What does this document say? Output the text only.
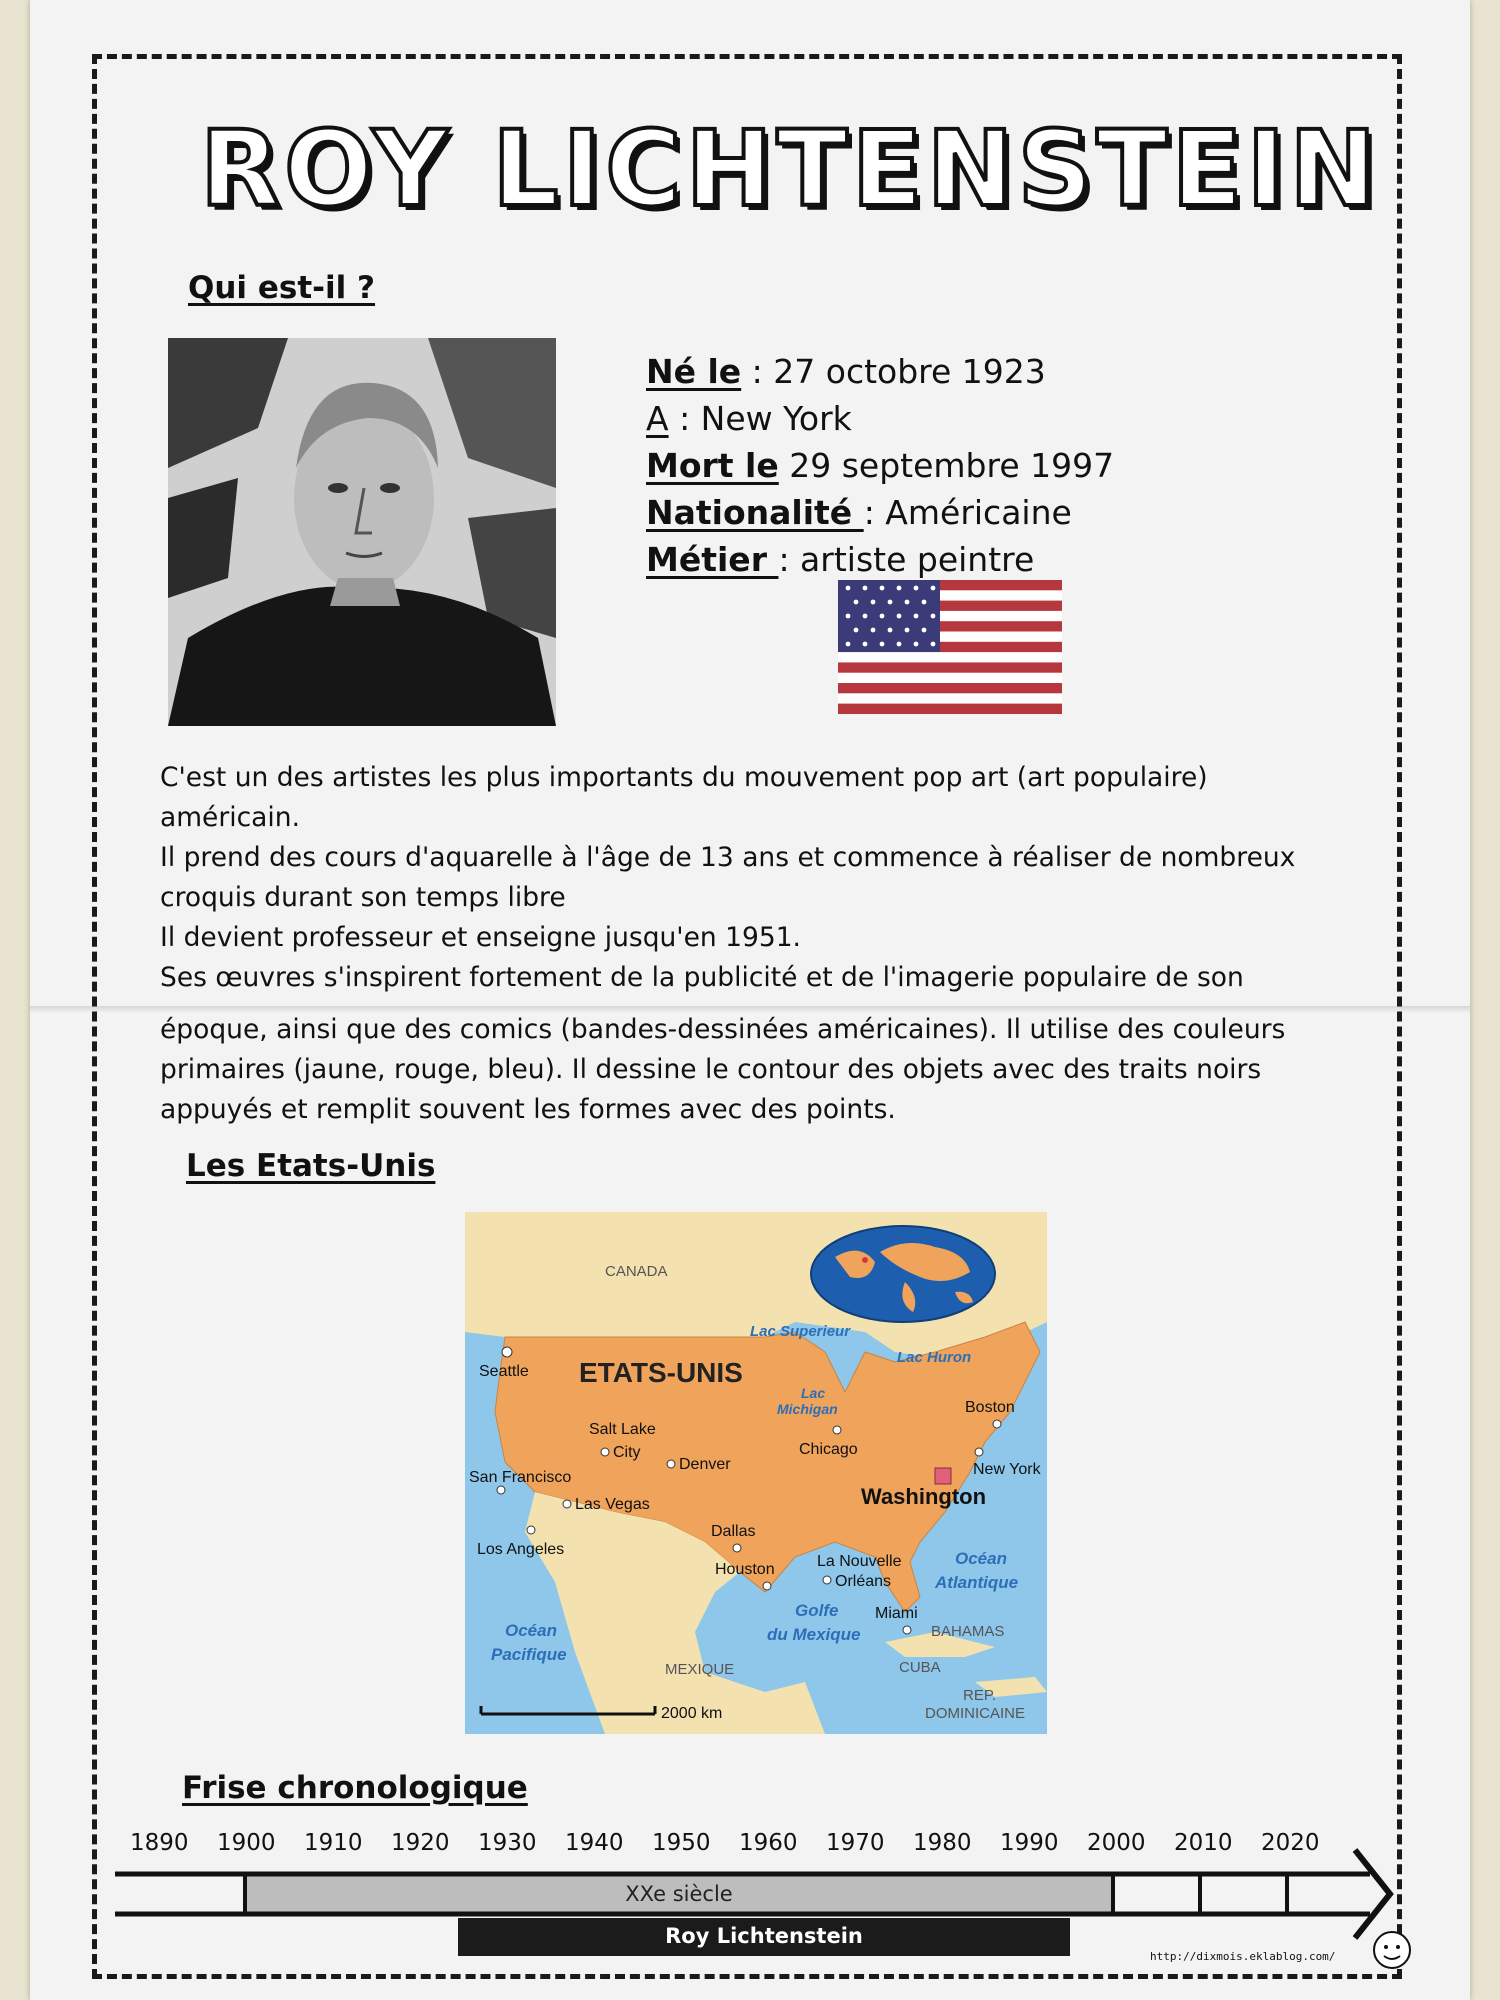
ROY LICHTENSTEIN
Qui est-il ?
Né le : 27 octobre 1923
A : New York
Mort le 29 septembre 1997
Nationalité : Américaine
Métier : artiste peintre
C'est un des artistes les plus importants du mouvement pop art (art populaire)
américain.
Il prend des cours d'aquarelle à l'âge de 13 ans et commence à réaliser de nombreux
croquis durant son temps libre
Il devient professeur et enseigne jusqu'en 1951.
Ses œuvres s'inspirent fortement de la publicité et de l'imagerie populaire de son
époque, ainsi que des comics (bandes-dessinées américaines). Il utilise des couleurs
primaires (jaune, rouge, bleu). Il dessine le contour des objets avec des traits noirs
appuyés et remplit souvent les formes avec des points.
Les Etats-Unis
CANADA
ETATS-UNIS
Lac Superieur
Lac Huron
Lac
Michigan
Seattle
Salt Lake
City
Denver
Chicago
Boston
New York
Washington
San Francisco
Las Vegas
Los Angeles
Dallas
Houston	La Nouvelle
Orléans
Océan
Atlantique
Océan
Pacifique
Golfe
du Mexique
Miami
BAHAMAS
MEXIQUE	CUBA
REP.
DOMINICAINE
2000 km
Frise chronologique
1890 1900 1910 1920 1930 1940 1950 1960 1970 1980 1990 2000 2010 2020
XXe siècle
Roy Lichtenstein
http://dixmois.eklablog.com/
